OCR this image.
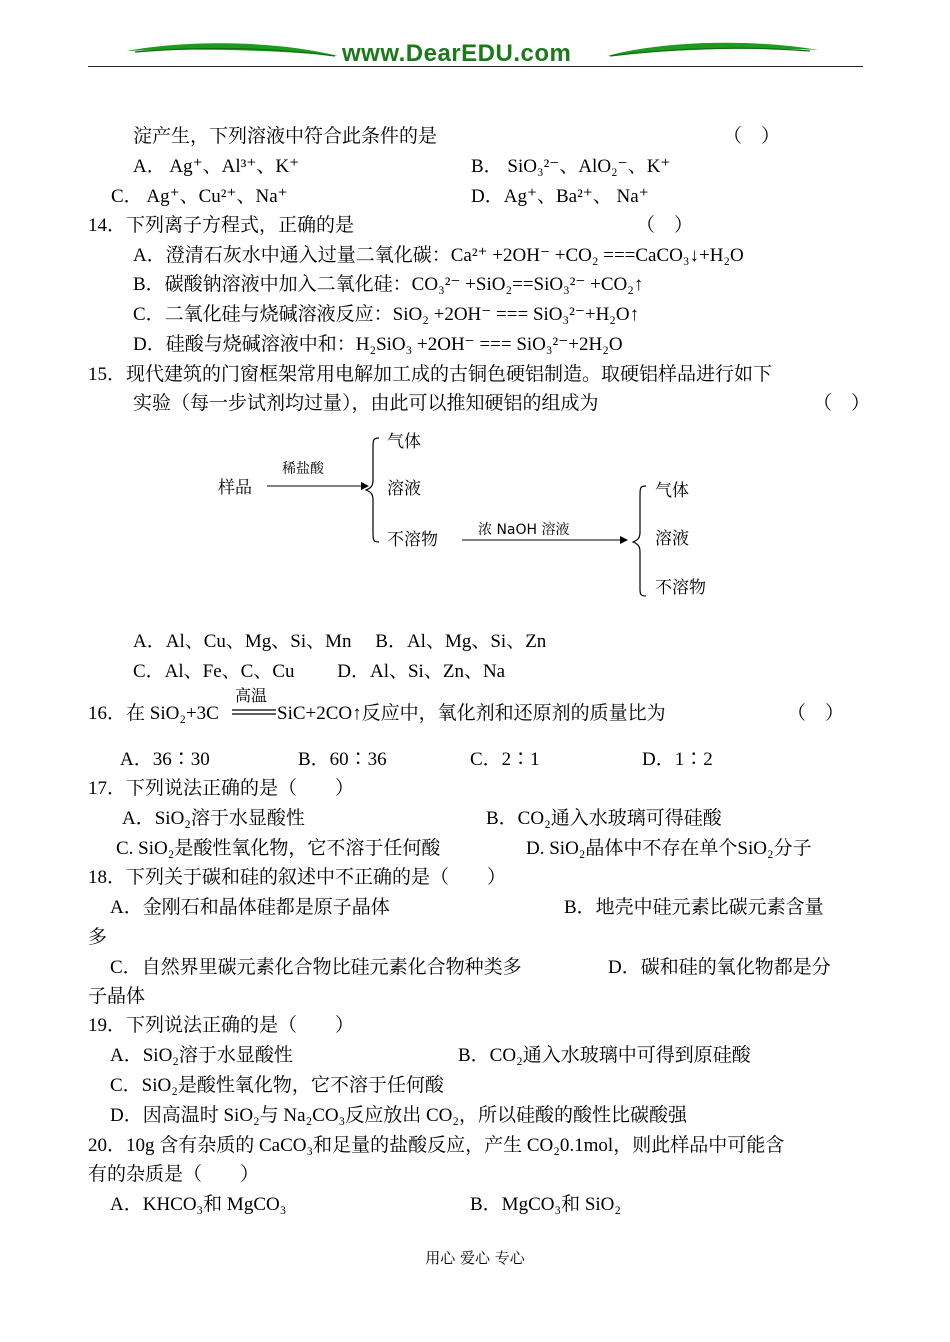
www.DearEDU.com
淀产生，下列溶液中符合此条件的是	（　）
A． Ag⁺、Al³⁺、K⁺	B． SiO₃²⁻、AlO₂⁻、K⁺
C． Ag⁺、Cu²⁺、Na⁺	D．Ag⁺、Ba²⁺、 Na⁺
14．下列离子方程式，正确的是	（　）
A．澄清石灰水中通入过量二氧化碳：Ca²⁺ +2OH⁻ +CO₂ ===CaCO₃↓+H₂O
B．碳酸钠溶液中加入二氧化硅：CO₃²⁻ +SiO₂==SiO₃²⁻ +CO₂↑
C．二氧化硅与烧碱溶液反应：SiO₂ +2OH⁻ === SiO₃²⁻+H₂O↑
D．硅酸与烧碱溶液中和：H₂SiO₃ +2OH⁻ === SiO₃²⁻+2H₂O
15．现代建筑的门窗框架常用电解加工成的古铜色硬铝制造。取硬铝样品进行如下
实验（每一步试剂均过量），由此可以推知硬铝的组成为	（　）
样品
稀盐酸
气体
溶液
不溶物	浓 NaOH 溶液
气体
溶液
不溶物
A．Al、Cu、Mg、Si、Mn　 B．Al、Mg、Si、Zn
C．Al、Fe、C、Cu　　 D．Al、Si、Zn、Na
16．在 SiO₂+3C
高温
SiC+2CO↑反应中，氧化剂和还原剂的质量比为	（　）
A．36∶30	B．60∶36	C．2∶1	D．1∶2
17．下列说法正确的是（　　）
A．SiO₂溶于水显酸性	B．CO₂通入水玻璃可得硅酸
C. SiO₂是酸性氧化物，它不溶于任何酸	D. SiO₂晶体中不存在单个SiO₂分子
18．下列关于碳和硅的叙述中不正确的是（　　）
A．金刚石和晶体硅都是原子晶体	B．地壳中硅元素比碳元素含量
多
C．自然界里碳元素化合物比硅元素化合物种类多	D．碳和硅的氧化物都是分
子晶体
19．下列说法正确的是（　　）
A．SiO₂溶于水显酸性	B．CO₂通入水玻璃中可得到原硅酸
C．SiO₂是酸性氧化物，它不溶于任何酸
D．因高温时 SiO₂与 Na₂CO₃反应放出 CO₂，所以硅酸的酸性比碳酸强
20．10g 含有杂质的 CaCO₃和足量的盐酸反应，产生 CO₂0.1mol，则此样品中可能含
有的杂质是（　　）
A．KHCO₃和 MgCO₃	B．MgCO₃和 SiO₂
用心 爱心 专心
